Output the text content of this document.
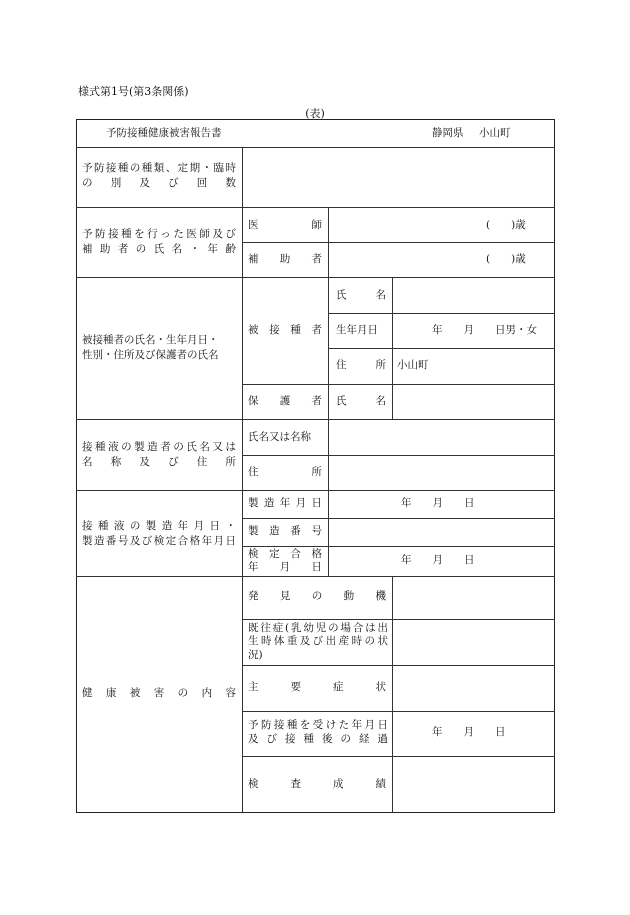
様式第1号(第3条関係)
(表)
予防接種健康被害報告書	静岡県 小山町
予防接種の種類、定期・臨時
の別及び回数
予防接種を行った医師及び
補助者の氏名・年齢
医師
補助者
(　　)歳
(　　)歳
被接種者の氏名・生年月日・
性別・住所及び保護者の氏名
被接種者
保護者
氏名
生年月日
住所
氏名
年　　月　　日男・女
小山町
接種液の製造者の氏名又は
名称及び住所
氏名又は名称
住所
接種液の製造年月日・
製造番号及び検定合格年月日
製造年月日
製造番号
検定合格
年月日
年　　月　　日
年　　月　　日
健康被害の内容
発見の動機
既往症(乳幼児の場合は出
生時体重及び出産時の状
況)
主要症状
予防接種を受けた年月日
及び接種後の経過
年　　月　　日
検査成績
